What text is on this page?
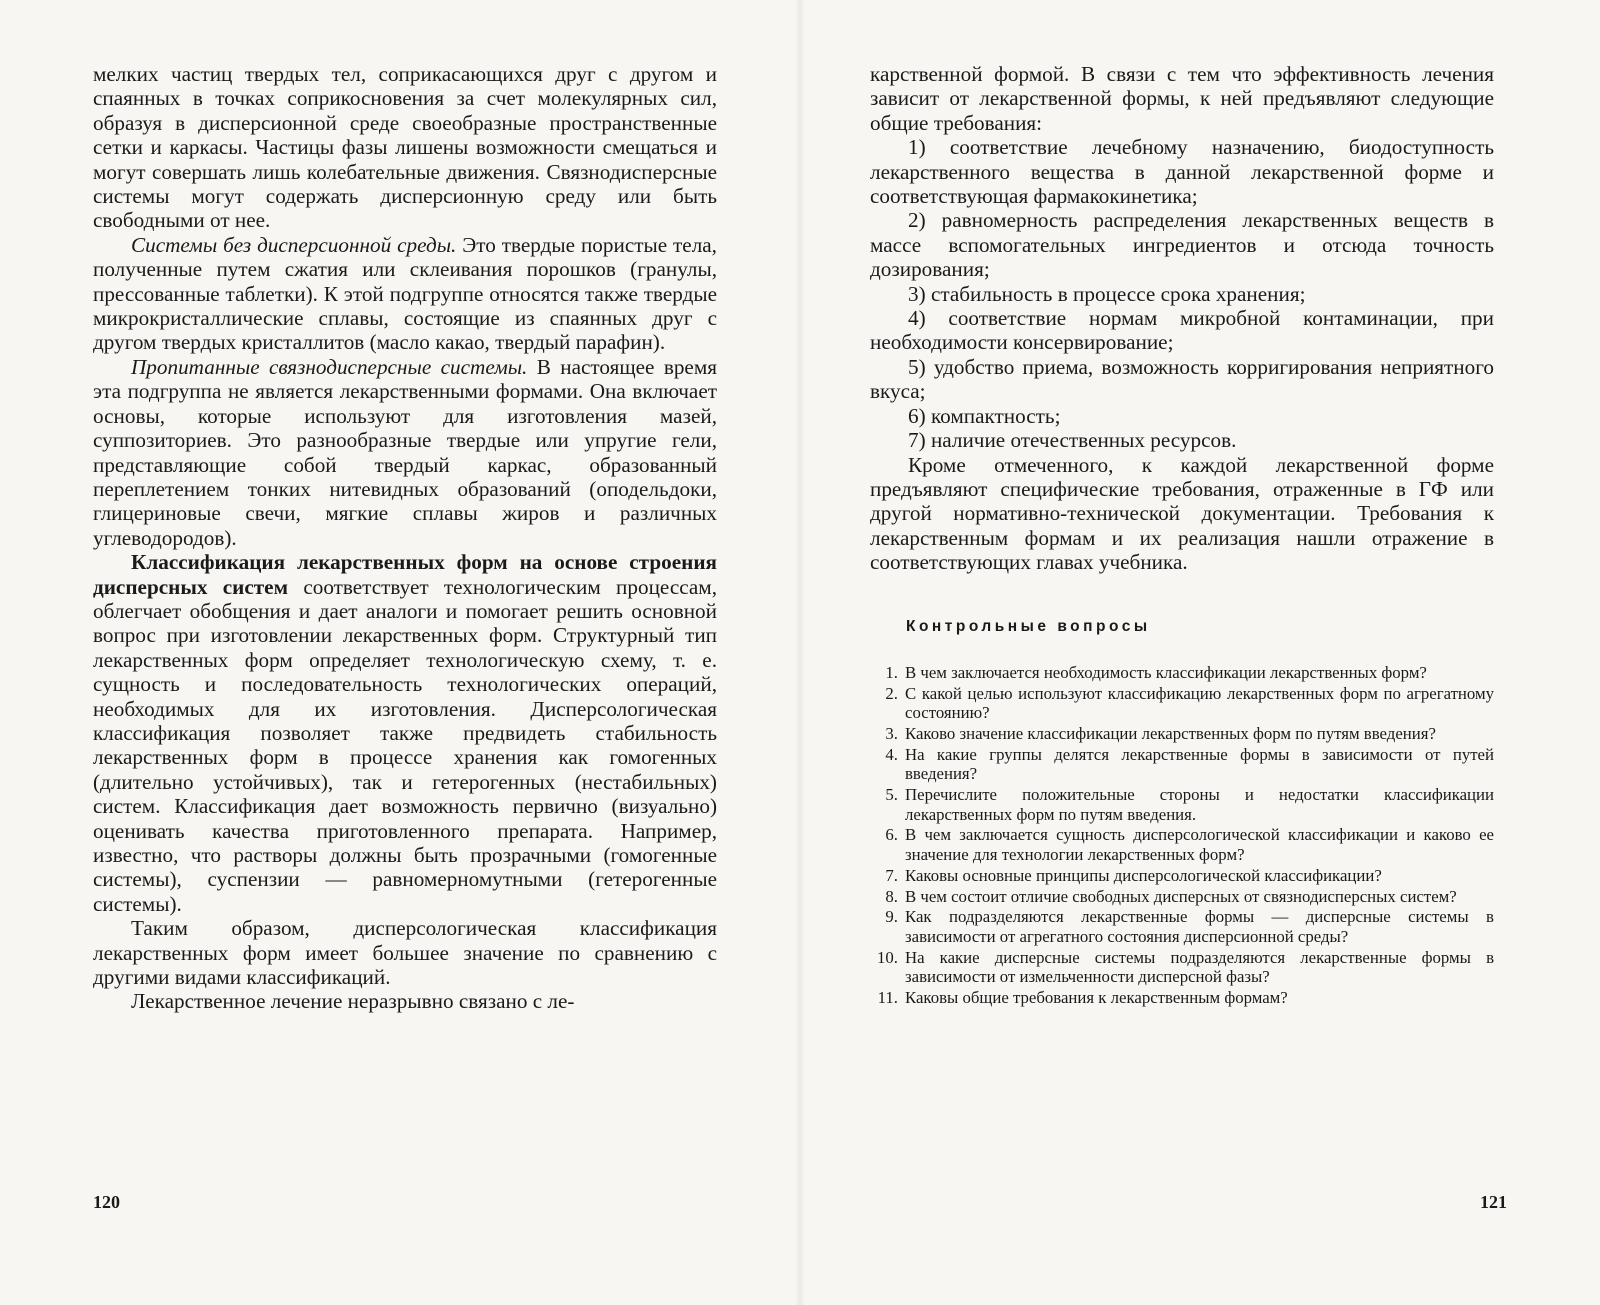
мелких частиц твердых тел, соприкасающихся друг с другом и спаянных в точках соприкосновения за счет молекулярных сил, образуя в дисперсионной среде своеобразные пространственные сетки и каркасы. Частицы фазы лишены возможности смещаться и могут совершать лишь колебательные движения. Связнодисперсные системы могут содержать дисперсионную среду или быть свободными от нее.

Системы без дисперсионной среды. Это твердые пористые тела, полученные путем сжатия или склеивания порошков (гранулы, прессованные таблетки). К этой подгруппе относятся также твердые микрокристаллические сплавы, состоящие из спаянных друг с другом твердых кристаллитов (масло какао, твердый парафин).

Пропитанные связнодисперсные системы. В настоящее время эта подгруппа не является лекарственными формами. Она включает основы, которые используют для изготовления мазей, суппозиториев. Это разнообразные твердые или упругие гели, представляющие собой твердый каркас, образованный переплетением тонких нитевидных образований (оподельдоки, глицериновые свечи, мягкие сплавы жиров и различных углеводородов).

Классификация лекарственных форм на основе строения дисперсных систем соответствует технологическим процессам, облегчает обобщения и дает аналоги и помогает решить основной вопрос при изготовлении лекарственных форм. Структурный тип лекарственных форм определяет технологическую схему, т. е. сущность и последовательность технологических операций, необходимых для их изготовления. Дисперсологическая классификация позволяет также предвидеть стабильность лекарственных форм в процессе хранения как гомогенных (длительно устойчивых), так и гетерогенных (нестабильных) систем. Классификация дает возможность первично (визуально) оценивать качества приготовленного препарата. Например, известно, что растворы должны быть прозрачными (гомогенные системы), суспензии — равномерномутными (гетерогенные системы).

Таким образом, дисперсологическая классификация лекарственных форм имеет большее значение по сравнению с другими видами классификаций.

Лекарственное лечение неразрывно связано с ле-

120

карственной формой. В связи с тем что эффективность лечения зависит от лекарственной формы, к ней предъявляют следующие общие требования:

1) соответствие лечебному назначению, биодоступность лекарственного вещества в данной лекарственной форме и соответствующая фармакокинетика;

2) равномерность распределения лекарственных веществ в массе вспомогательных ингредиентов и отсюда точность дозирования;

3) стабильность в процессе срока хранения;

4) соответствие нормам микробной контаминации, при необходимости консервирование;

5) удобство приема, возможность корригирования неприятного вкуса;

6) компактность;

7) наличие отечественных ресурсов.

Кроме отмеченного, к каждой лекарственной форме предъявляют специфические требования, отраженные в ГФ или другой нормативно-технической документации. Требования к лекарственным формам и их реализация нашли отражение в соответствующих главах учебника.

Контрольные вопросы
1. В чем заключается необходимость классификации лекарственных форм?
2. С какой целью используют классификацию лекарственных форм по агрегатному состоянию?
3. Каково значение классификации лекарственных форм по путям введения?
4. На какие группы делятся лекарственные формы в зависимости от путей введения?
5. Перечислите положительные стороны и недостатки классификации лекарственных форм по путям введения.
6. В чем заключается сущность дисперсологической классификации и каково ее значение для технологии лекарственных форм?
7. Каковы основные принципы дисперсологической классификации?
8. В чем состоит отличие свободных дисперсных от связнодисперсных систем?
9. Как подразделяются лекарственные формы — дисперсные системы в зависимости от агрегатного состояния дисперсионной среды?
10. На какие дисперсные системы подразделяются лекарственные формы в зависимости от измельченности дисперсной фазы?
11. Каковы общие требования к лекарственным формам?
121
